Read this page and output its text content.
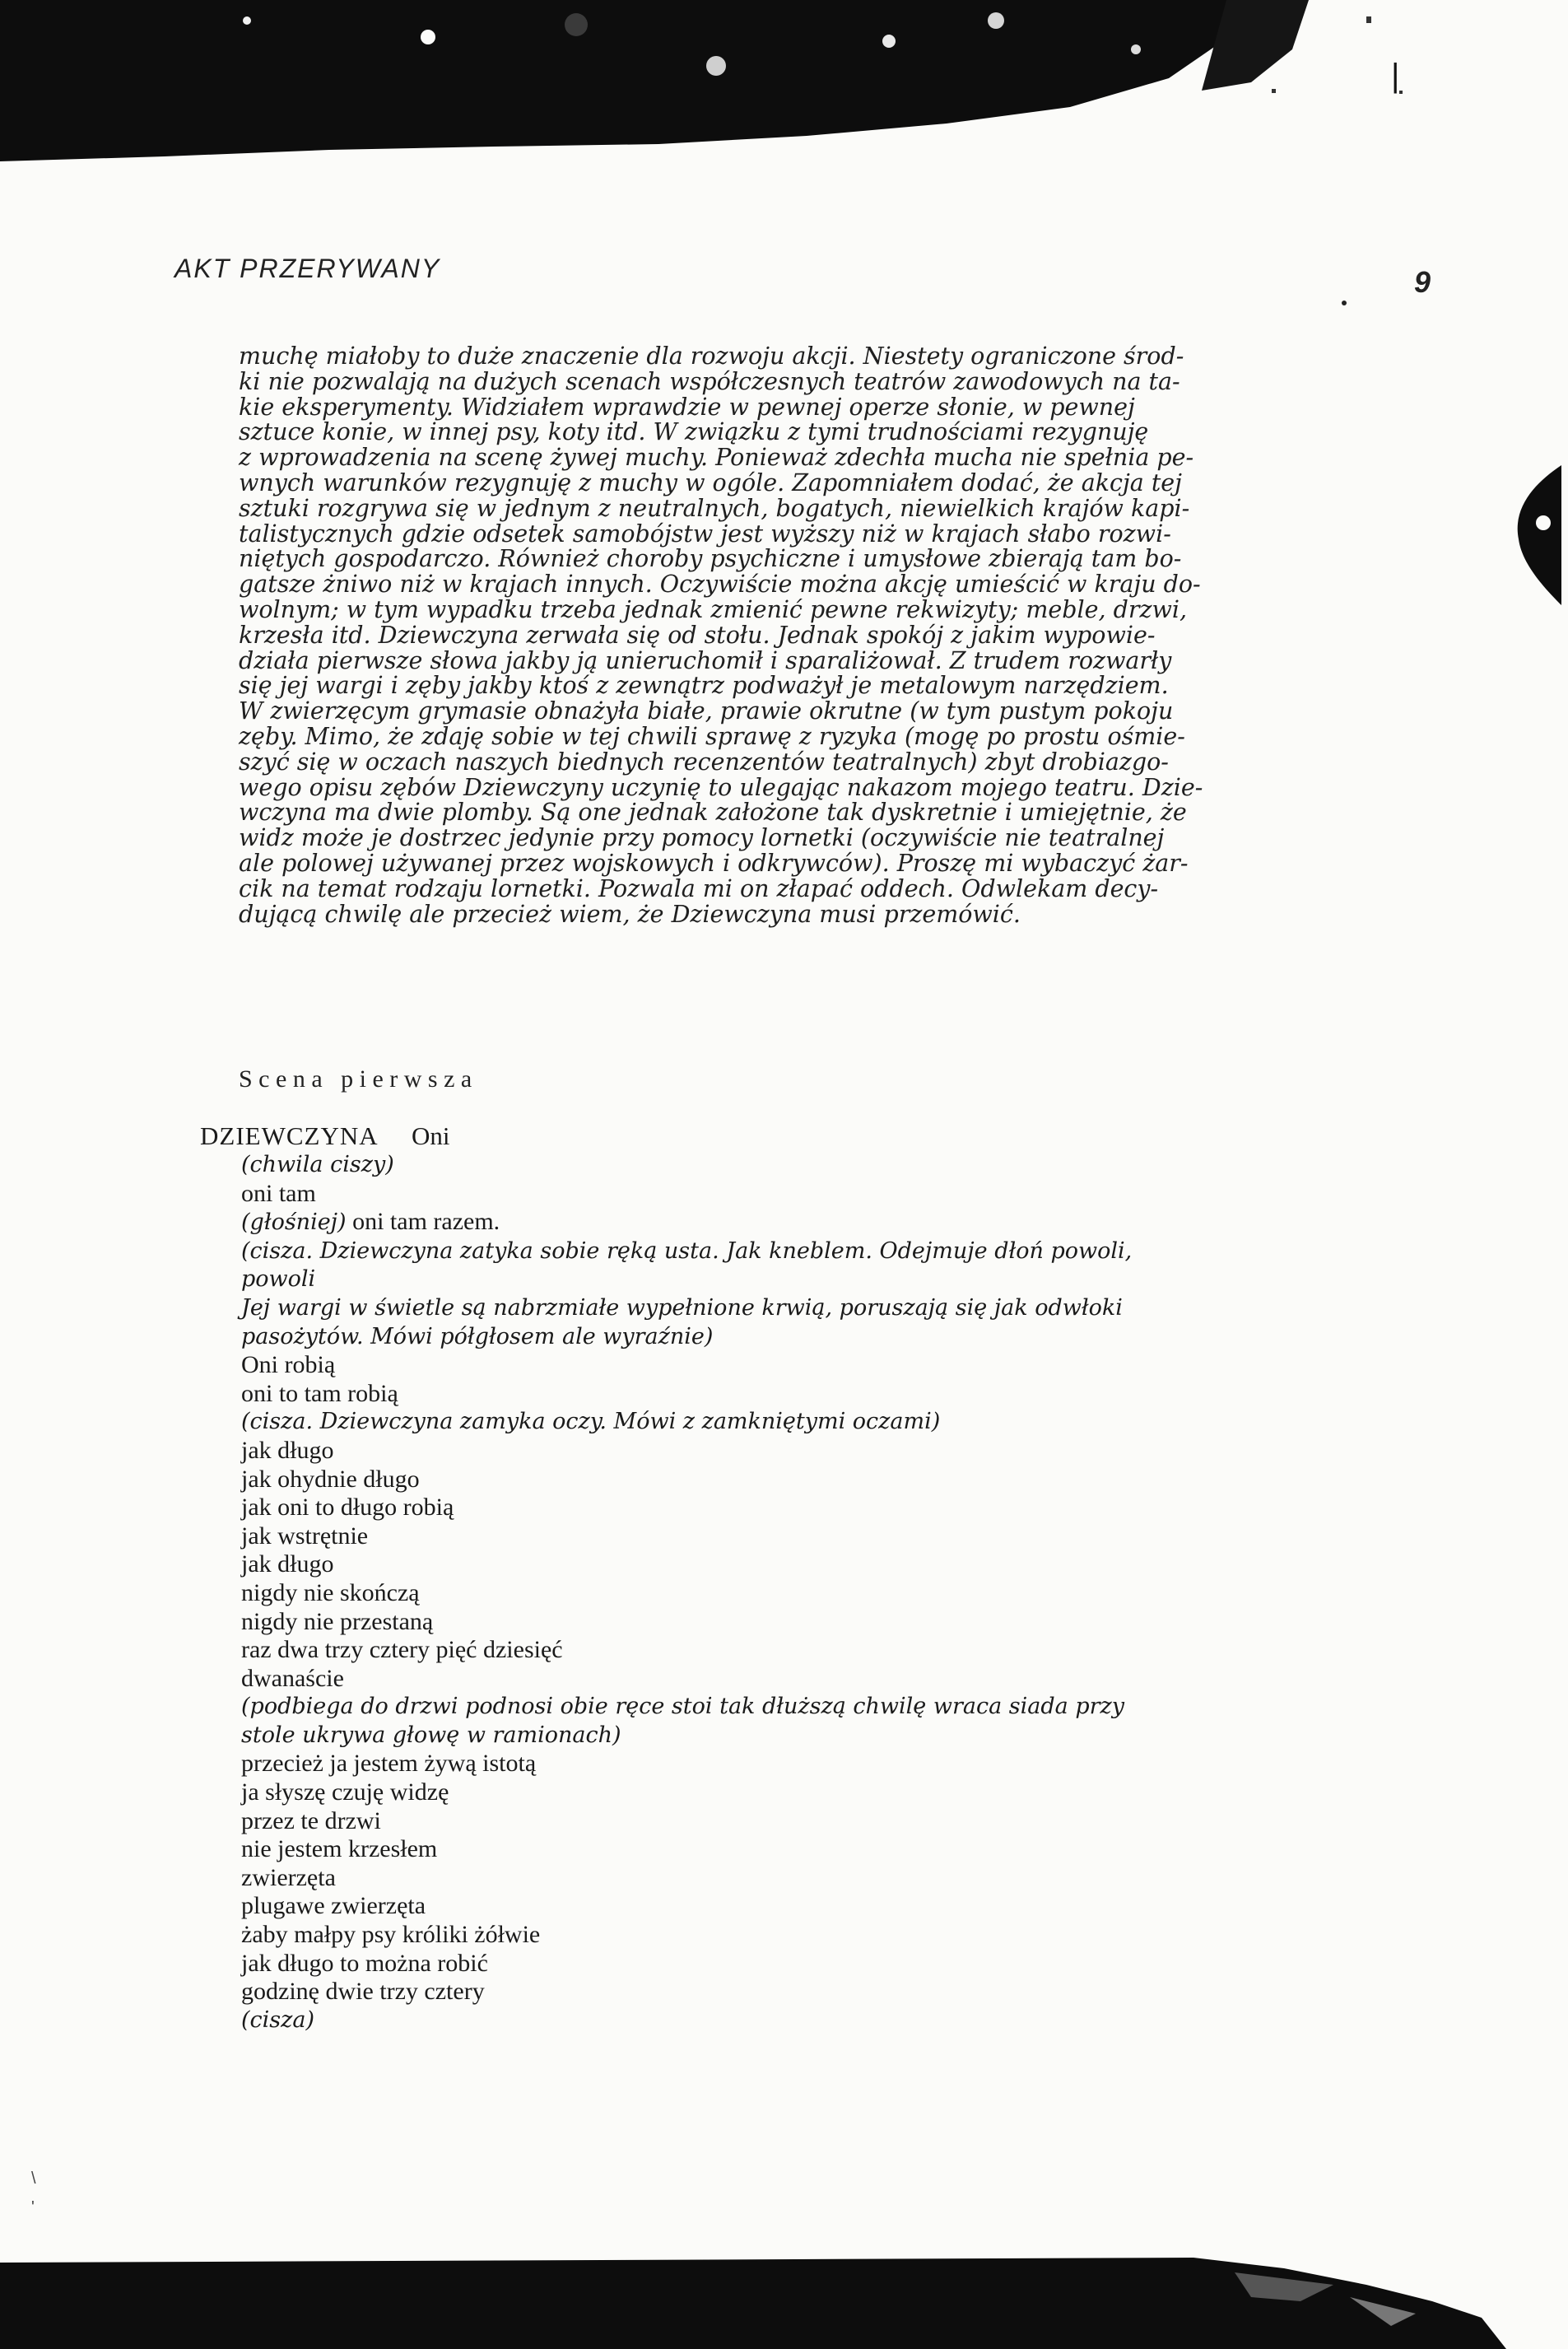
|
AKT PRZERYWANY	9
muchę miałoby to duże znaczenie dla rozwoju akcji. Niestety ograniczone środ-
ki nie pozwalają na dużych scenach współczesnych teatrów zawodowych na ta-
kie eksperymenty. Widziałem wprawdzie w pewnej operze słonie, w pewnej
sztuce konie, w innej psy, koty itd. W związku z tymi trudnościami rezygnuję
z wprowadzenia na scenę żywej muchy. Ponieważ zdechła mucha nie spełnia pe-
wnych warunków rezygnuję z muchy w ogóle. Zapomniałem dodać, że akcja tej
sztuki rozgrywa się w jednym z neutralnych, bogatych, niewielkich krajów kapi-
talistycznych gdzie odsetek samobójstw jest wyższy niż w krajach słabo rozwi-
niętych gospodarczo. Również choroby psychiczne i umysłowe zbierają tam bo-
gatsze żniwo niż w krajach innych. Oczywiście można akcję umieścić w kraju do-
wolnym; w tym wypadku trzeba jednak zmienić pewne rekwizyty; meble, drzwi,
krzesła itd. Dziewczyna zerwała się od stołu. Jednak spokój z jakim wypowie-
działa pierwsze słowa jakby ją unieruchomił i sparaliżował. Z trudem rozwarły
się jej wargi i zęby jakby ktoś z zewnątrz podważył je metalowym narzędziem.
W zwierzęcym grymasie obnażyła białe, prawie okrutne (w tym pustym pokoju
zęby. Mimo, że zdaję sobie w tej chwili sprawę z ryzyka (mogę po prostu ośmie-
szyć się w oczach naszych biednych recenzentów teatralnych) zbyt drobiazgo-
wego opisu zębów Dziewczyny uczynię to ulegając nakazom mojego teatru. Dzie-
wczyna ma dwie plomby. Są one jednak założone tak dyskretnie i umiejętnie, że
widz może je dostrzec jedynie przy pomocy lornetki (oczywiście nie teatralnej
ale polowej używanej przez wojskowych i odkrywców). Proszę mi wybaczyć żar-
cik na temat rodzaju lornetki. Pozwala mi on złapać oddech. Odwlekam decy-
dującą chwilę ale przecież wiem, że Dziewczyna musi przemówić.
Scena pierwsza
DZIEWCZYNA Oni
(chwila ciszy)
oni tam
(głośniej) oni tam razem.
(cisza. Dziewczyna zatyka sobie ręką usta. Jak kneblem. Odejmuje dłoń powoli,
powoli
Jej wargi w świetle są nabrzmiałe wypełnione krwią, poruszają się jak odwłoki
pasożytów. Mówi półgłosem ale wyraźnie)
Oni robią
oni to tam robią
(cisza. Dziewczyna zamyka oczy. Mówi z zamkniętymi oczami)
jak długo
jak ohydnie długo
jak oni to długo robią
jak wstrętnie
jak długo
nigdy nie skończą
nigdy nie przestaną
raz dwa trzy cztery pięć dziesięć
dwanaście
(podbiega do drzwi podnosi obie ręce stoi tak dłuższą chwilę wraca siada przy
stole ukrywa głowę w ramionach)
przecież ja jestem żywą istotą
ja słyszę czuję widzę
przez te drzwi
nie jestem krzesłem
zwierzęta
plugawe zwierzęta
żaby małpy psy króliki żółwie
jak długo to można robić
godzinę dwie trzy cztery
(cisza)
\
'
